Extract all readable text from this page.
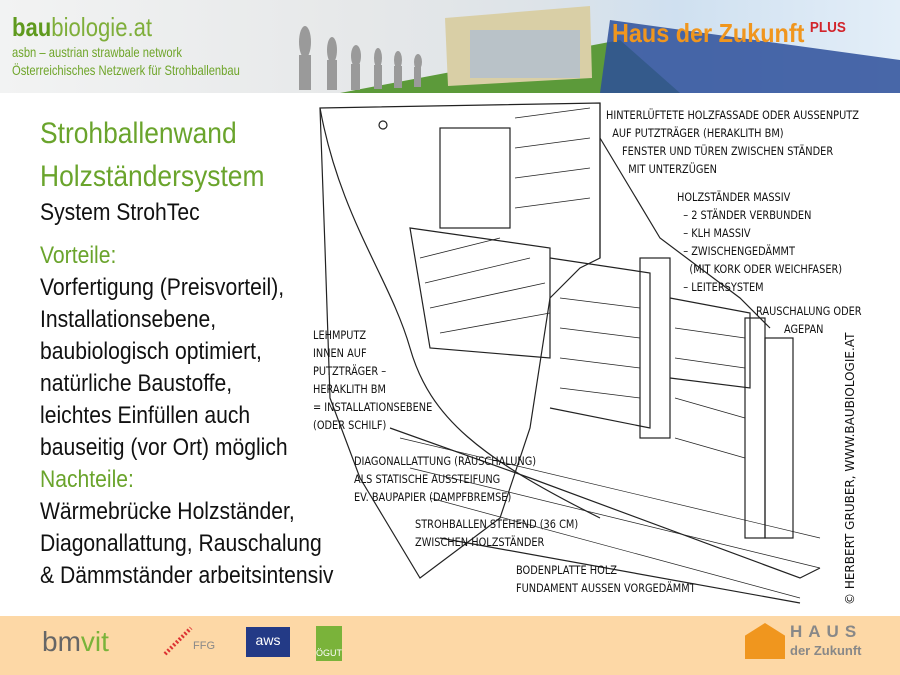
baubiologie.at
asbn – austrian strawbale network
Österreichisches Netzwerk für Strohballenbau
Haus der Zukunft $^{PLUS}$
Strohballenwand
Holzständersystem
System StrohTec
Vorteile:
Vorfertigung (Preisvorteil),
Installationsebene,
baubiologisch optimiert,
natürliche Baustoffe,
leichtes Einfüllen auch
bauseitig (vor Ort) möglich
Nachteile:
Wärmebrücke Holzständer,
Diagonallattung, Rauschalung
& Dämmständer arbeitsintensiv
HINTERLÜFTETE HOLZFASSADE ODER AUSSENPUTZ
AUF PUTZTRÄGER (HERAKLITH BM)
FENSTER UND TÜREN ZWISCHEN STÄNDER
MIT UNTERZÜGEN
HOLZSTÄNDER MASSIV
– 2 STÄNDER VERBUNDEN
– KLH MASSIV
– ZWISCHENGEDÄMMT
(MIT KORK ODER WEICHFASER)
– LEITERSYSTEM
RAUSCHALUNG ODER
AGEPAN
LEHMPUTZ
INNEN AUF
PUTZTRÄGER –
HERAKLITH BM
= INSTALLATIONSEBENE
(ODER SCHILF)
DIAGONALLATTUNG (RAUSCHALUNG)
ALS STATISCHE AUSSTEIFUNG
EV. BAUPAPIER (DAMPFBREMSE)
STROHBALLEN STEHEND (36 CM)
ZWISCHEN HOLZSTÄNDER
BODENPLATTE HOLZ
FUNDAMENT AUSSEN VORGEDÄMMT	© HERBERT GRUBER, WWW.BAUBIOLOGIE.AT
bmvit	FFG	aws
ÖGUT
HAUS
der Zukunft
